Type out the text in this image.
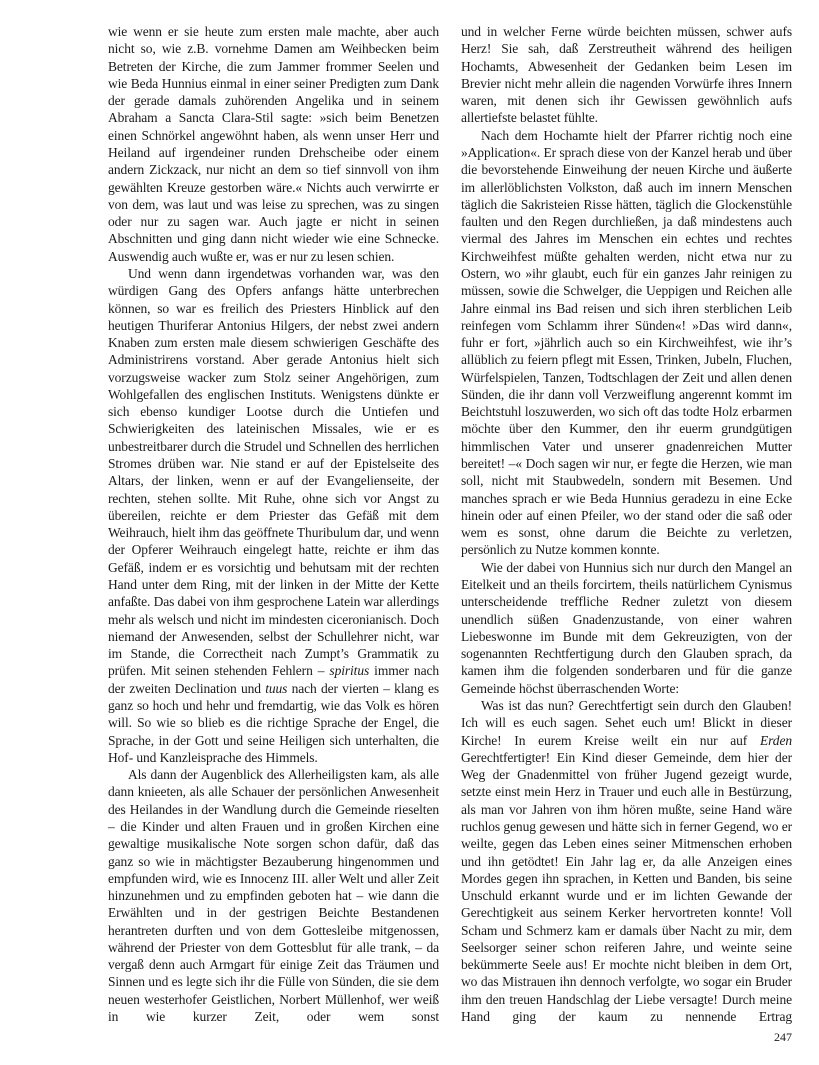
wie wenn er sie heute zum ersten male machte, aber auch nicht so, wie z.B. vornehme Damen am Weihbecken beim Betreten der Kirche, die zum Jammer frommer Seelen und wie Beda Hunnius einmal in einer seiner Predigten zum Dank der gerade damals zuhörenden Angelika und in seinem Abraham a Sancta Clara-Stil sagte: »sich beim Benetzen einen Schnörkel angewöhnt haben, als wenn unser Herr und Heiland auf irgendeiner runden Drehscheibe oder einem andern Zickzack, nur nicht an dem so tief sinnvoll von ihm gewählten Kreuze gestorben wäre.« Nichts auch verwirrte er von dem, was laut und was leise zu sprechen, was zu singen oder nur zu sagen war. Auch jagte er nicht in seinen Abschnitten und ging dann nicht wieder wie eine Schnecke. Auswendig auch wußte er, was er nur zu lesen schien.

Und wenn dann irgendetwas vorhanden war, was den würdigen Gang des Opfers anfangs hätte unterbrechen können, so war es freilich des Priesters Hinblick auf den heutigen Thuriferar Antonius Hilgers, der nebst zwei andern Knaben zum ersten male diesem schwierigen Geschäfte des Administrirens vorstand. Aber gerade Antonius hielt sich vorzugsweise wacker zum Stolz seiner Angehörigen, zum Wohlgefallen des englischen Instituts. Wenigstens dünkte er sich ebenso kundiger Lootse durch die Untiefen und Schwierigkeiten des lateinischen Missales, wie er es unbestreitbarer durch die Strudel und Schnellen des herrlichen Stromes drüben war. Nie stand er auf der Epistelseite des Altars, der linken, wenn er auf der Evangelienseite, der rechten, stehen sollte. Mit Ruhe, ohne sich vor Angst zu übereilen, reichte er dem Priester das Gefäß mit dem Weihrauch, hielt ihm das geöffnete Thuribulum dar, und wenn der Opferer Weihrauch eingelegt hatte, reichte er ihm das Gefäß, indem er es vorsichtig und behutsam mit der rechten Hand unter dem Ring, mit der linken in der Mitte der Kette anfaßte. Das dabei von ihm gesprochene Latein war allerdings mehr als welsch und nicht im mindesten ciceronianisch. Doch niemand der Anwesenden, selbst der Schullehrer nicht, war im Stande, die Correctheit nach Zumpt’s Grammatik zu prüfen. Mit seinen stehenden Fehlern – spiritus immer nach der zweiten Declination und tuus nach der vierten – klang es ganz so hoch und hehr und fremdartig, wie das Volk es hören will. So wie so blieb es die richtige Sprache der Engel, die Sprache, in der Gott und seine Heiligen sich unterhalten, die Hof- und Kanzleisprache des Himmels.

Als dann der Augenblick des Allerheiligsten kam, als alle dann knieeten, als alle Schauer der persönlichen Anwesenheit des Heilandes in der Wandlung durch die Gemeinde rieselten – die Kinder und alten Frauen und in großen Kirchen eine gewaltige musikalische Note sorgen schon dafür, daß das ganz so wie in mächtigster Bezauberung hingenommen und empfunden wird, wie es Innocenz III. aller Welt und aller Zeit hinzunehmen und zu empfinden geboten hat – wie dann die Erwählten und in der gestrigen Beichte Bestandenen herantreten durften und von dem Gottesleibe mitgenossen, während der Priester von dem Gottesblut für alle trank, – da vergaß denn auch Armgart für einige Zeit das Träumen und Sinnen und es legte sich ihr die Fülle von Sünden, die sie dem neuen westerhofer Geistlichen, Norbert Müllenhof, wer weiß in wie kurzer Zeit, oder wem sonst

und in welcher Ferne würde beichten müssen, schwer aufs Herz! Sie sah, daß Zerstreutheit während des heiligen Hochamts, Abwesenheit der Gedanken beim Lesen im Brevier nicht mehr allein die nagenden Vorwürfe ihres Innern waren, mit denen sich ihr Gewissen gewöhnlich aufs allertiefste belastet fühlte.

Nach dem Hochamte hielt der Pfarrer richtig noch eine »Application«. Er sprach diese von der Kanzel herab und über die bevorstehende Einweihung der neuen Kirche und äußerte im allerlöblichsten Volkston, daß auch im innern Menschen täglich die Sakristeien Risse hätten, täglich die Glockenstühle faulten und den Regen durchließen, ja daß mindestens auch viermal des Jahres im Menschen ein echtes und rechtes Kirchweihfest müßte gehalten werden, nicht etwa nur zu Ostern, wo »ihr glaubt, euch für ein ganzes Jahr reinigen zu müssen, sowie die Schwelger, die Ueppigen und Reichen alle Jahre einmal ins Bad reisen und sich ihren sterblichen Leib reinfegen vom Schlamm ihrer Sünden«! »Das wird dann«, fuhr er fort, »jährlich auch so ein Kirchweihfest, wie ihr’s allüblich zu feiern pflegt mit Essen, Trinken, Jubeln, Fluchen, Würfelspielen, Tanzen, Todtschlagen der Zeit und allen denen Sünden, die ihr dann voll Verzweiflung angerennt kommt im Beichtstuhl loszuwerden, wo sich oft das todte Holz erbarmen möchte über den Kummer, den ihr euerm grundgütigen himmlischen Vater und unserer gnadenreichen Mutter bereitet! –« Doch sagen wir nur, er fegte die Herzen, wie man soll, nicht mit Staubwedeln, sondern mit Besemen. Und manches sprach er wie Beda Hunnius geradezu in eine Ecke hinein oder auf einen Pfeiler, wo der stand oder die saß oder wem es sonst, ohne darum die Beichte zu verletzen, persönlich zu Nutze kommen konnte.

Wie der dabei von Hunnius sich nur durch den Mangel an Eitelkeit und an theils forcirtem, theils natürlichem Cynismus unterscheidende treffliche Redner zuletzt von diesem unendlich süßen Gnadenzustande, von einer wahren Liebeswonne im Bunde mit dem Gekreuzigten, von der sogenannten Rechtfertigung durch den Glauben sprach, da kamen ihm die folgenden sonderbaren und für die ganze Gemeinde höchst überraschenden Worte:

Was ist das nun? Gerechtfertigt sein durch den Glauben! Ich will es euch sagen. Sehet euch um! Blickt in dieser Kirche! In eurem Kreise weilt ein nur auf Erden Gerechtfertigter! Ein Kind dieser Gemeinde, dem hier der Weg der Gnadenmittel von früher Jugend gezeigt wurde, setzte einst mein Herz in Trauer und euch alle in Bestürzung, als man vor Jahren von ihm hören mußte, seine Hand wäre ruchlos genug gewesen und hätte sich in ferner Gegend, wo er weilte, gegen das Leben eines seiner Mitmenschen erhoben und ihn getödtet! Ein Jahr lag er, da alle Anzeigen eines Mordes gegen ihn sprachen, in Ketten und Banden, bis seine Unschuld erkannt wurde und er im lichten Gewande der Gerechtigkeit aus seinem Kerker hervortreten konnte! Voll Scham und Schmerz kam er damals über Nacht zu mir, dem Seelsorger seiner schon reiferen Jahre, und weinte seine bekümmerte Seele aus! Er mochte nicht bleiben in dem Ort, wo das Mistrauen ihn dennoch verfolgte, wo sogar ein Bruder ihm den treuen Handschlag der Liebe versagte! Durch meine Hand ging der kaum zu nennende Ertrag

247
